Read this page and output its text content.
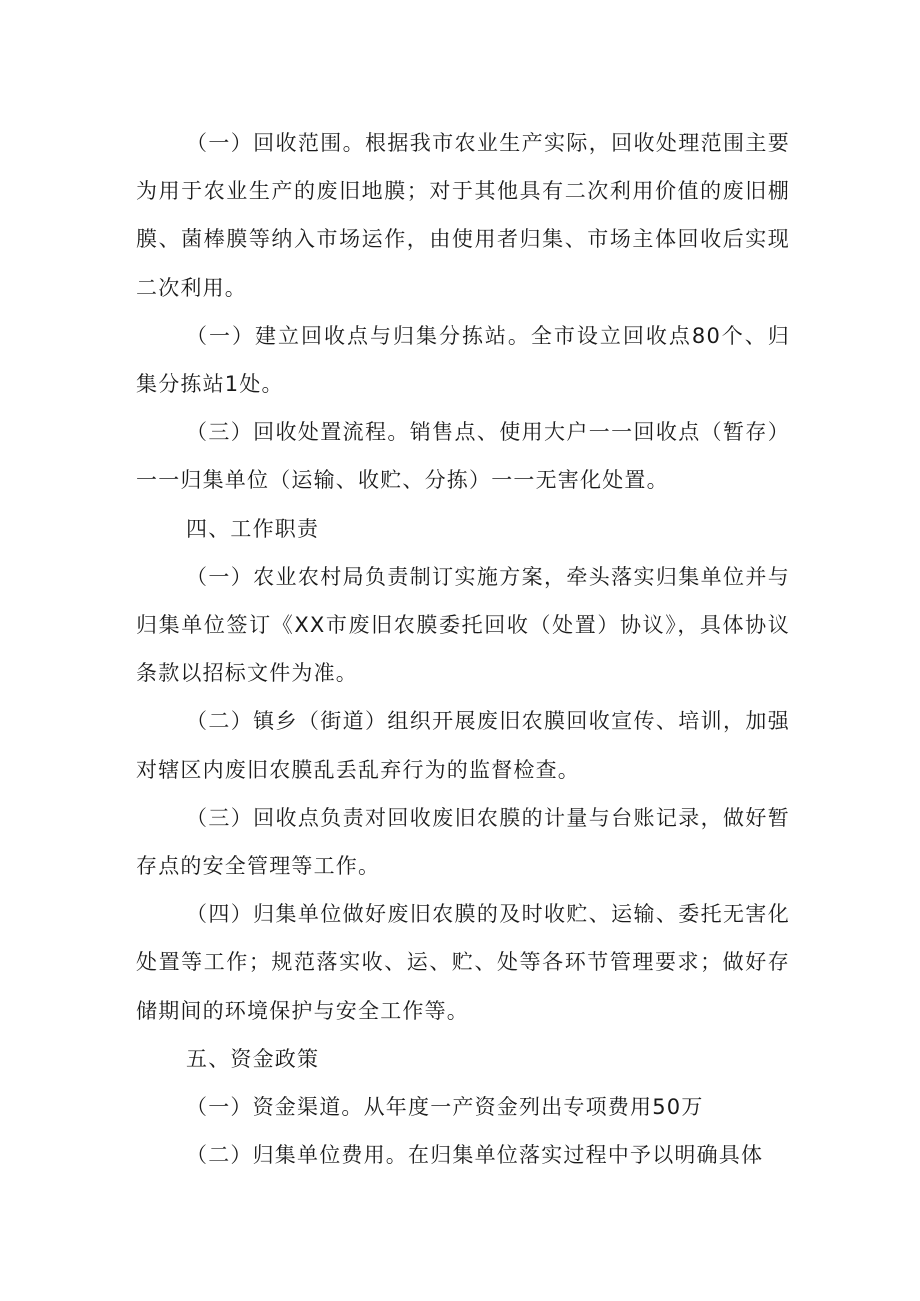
（一）回收范围。根据我市农业生产实际，回收处理范围主要为用于农业生产的废旧地膜；对于其他具有二次利用价值的废旧棚膜、菌棒膜等纳入市场运作，由使用者归集、市场主体回收后实现二次利用。

（一）建立回收点与归集分拣站。全市设立回收点80个、归集分拣站1处。

（三）回收处置流程。销售点、使用大户一一回收点（暂存）一一归集单位（运输、收贮、分拣）一一无害化处置。

四、工作职责

（一）农业农村局负责制订实施方案，牵头落实归集单位并与归集单位签订《XX市废旧农膜委托回收（处置）协议》，具体协议条款以招标文件为准。

（二）镇乡（街道）组织开展废旧农膜回收宣传、培训，加强对辖区内废旧农膜乱丢乱弃行为的监督检查。

（三）回收点负责对回收废旧农膜的计量与台账记录，做好暂存点的安全管理等工作。

（四）归集单位做好废旧农膜的及时收贮、运输、委托无害化处置等工作；规范落实收、运、贮、处等各环节管理要求；做好存储期间的环境保护与安全工作等。

五、资金政策

（一）资金渠道。从年度一产资金列出专项费用50万

（二）归集单位费用。在归集单位落实过程中予以明确具体
